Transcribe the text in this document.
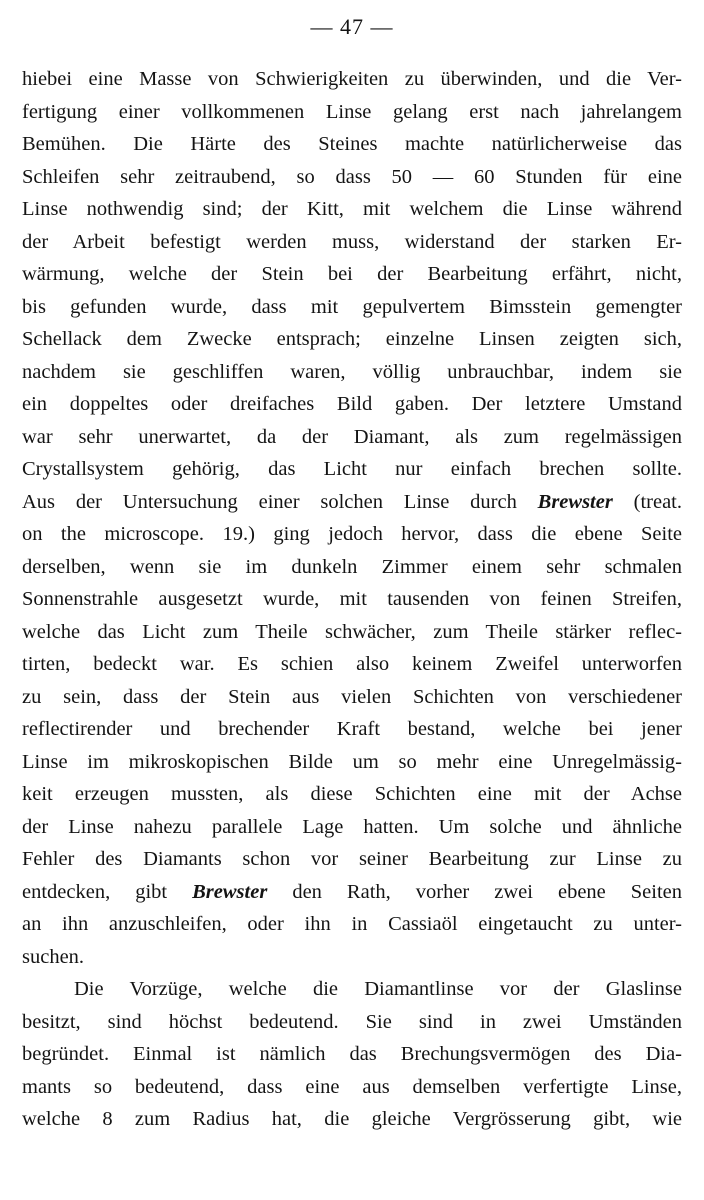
— 47 —
hiebei eine Masse von Schwierigkeiten zu überwinden, und die Ver-
fertigung einer vollkommenen Linse gelang erst nach jahrelangem
Bemühen. Die Härte des Steines machte natürlicherweise das
Schleifen sehr zeitraubend, so dass 50 — 60 Stunden für eine
Linse nothwendig sind; der Kitt, mit welchem die Linse während
der Arbeit befestigt werden muss, widerstand der starken Er-
wärmung, welche der Stein bei der Bearbeitung erfährt, nicht,
bis gefunden wurde, dass mit gepulvertem Bimsstein gemengter
Schellack dem Zwecke entsprach; einzelne Linsen zeigten sich,
nachdem sie geschliffen waren, völlig unbrauchbar, indem sie
ein doppeltes oder dreifaches Bild gaben. Der letztere Umstand
war sehr unerwartet, da der Diamant, als zum regelmässigen
Crystallsystem gehörig, das Licht nur einfach brechen sollte.
Aus der Untersuchung einer solchen Linse durch Brewster (treat.
on the microscope. 19.) ging jedoch hervor, dass die ebene Seite
derselben, wenn sie im dunkeln Zimmer einem sehr schmalen
Sonnenstrahle ausgesetzt wurde, mit tausenden von feinen Streifen,
welche das Licht zum Theile schwächer, zum Theile stärker reflec-
tirten, bedeckt war. Es schien also keinem Zweifel unterworfen
zu sein, dass der Stein aus vielen Schichten von verschiedener
reflectirender und brechender Kraft bestand, welche bei jener
Linse im mikroskopischen Bilde um so mehr eine Unregelmässig-
keit erzeugen mussten, als diese Schichten eine mit der Achse
der Linse nahezu parallele Lage hatten. Um solche und ähnliche
Fehler des Diamants schon vor seiner Bearbeitung zur Linse zu
entdecken, gibt Brewster den Rath, vorher zwei ebene Seiten
an ihn anzuschleifen, oder ihn in Cassiaöl eingetaucht zu unter-
suchen.
Die Vorzüge, welche die Diamantlinse vor der Glaslinse
besitzt, sind höchst bedeutend. Sie sind in zwei Umständen
begründet. Einmal ist nämlich das Brechungsvermögen des Dia-
mants so bedeutend, dass eine aus demselben verfertigte Linse,
welche 8 zum Radius hat, die gleiche Vergrösserung gibt, wie
